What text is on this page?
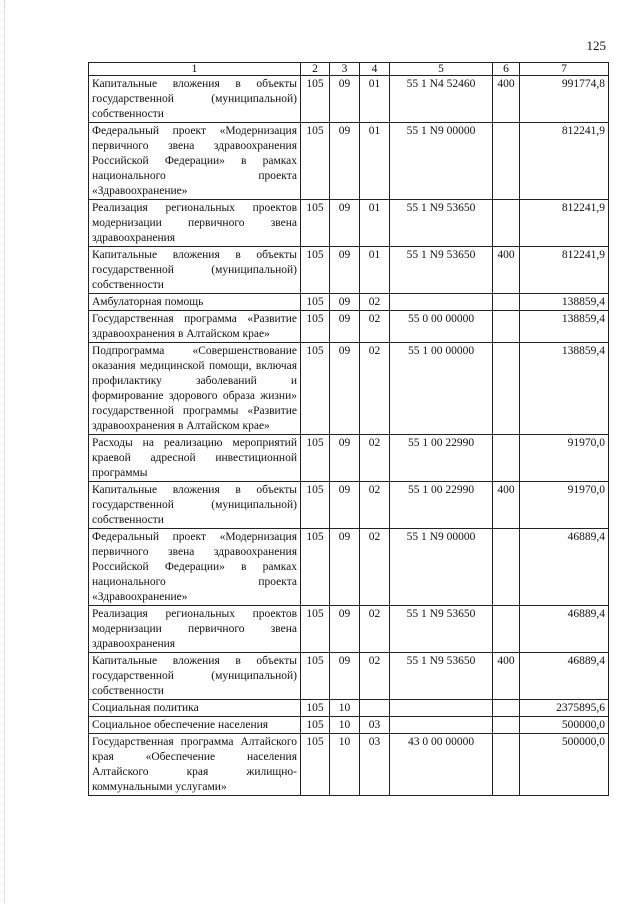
125
1	2	3	4	5	6	7
Капитальные вложения в объекты государственной (муниципальной) собственности	105	09	01	55 1 N4 52460	400	991774,8
Федеральный проект «Модернизация первичного звена здравоохранения Российской Федерации» в рамках национального проекта «Здравоохранение»	105	09	01	55 1 N9 00000		812241,9
Реализация региональных проектов модернизации первичного звена здравоохранения	105	09	01	55 1 N9 53650		812241,9
Капитальные вложения в объекты государственной (муниципальной) собственности	105	09	01	55 1 N9 53650	400	812241,9
Амбулаторная помощь	105	09	02			138859,4
Государственная программа «Развитие здравоохранения в Алтайском крае»	105	09	02	55 0 00 00000		138859,4
Подпрограмма «Совершенствование оказания медицинской помощи, включая профилактику заболеваний и формирование здорового образа жизни» государственной программы «Развитие здравоохранения в Алтайском крае»	105	09	02	55 1 00 00000		138859,4
Расходы на реализацию мероприятий краевой адресной инвестиционной программы	105	09	02	55 1 00 22990		91970,0
Капитальные вложения в объекты государственной (муниципальной) собственности	105	09	02	55 1 00 22990	400	91970,0
Федеральный проект «Модернизация первичного звена здравоохранения Российской Федерации» в рамках национального проекта «Здравоохранение»	105	09	02	55 1 N9 00000		46889,4
Реализация региональных проектов модернизации первичного звена здравоохранения	105	09	02	55 1 N9 53650		46889,4
Капитальные вложения в объекты государственной (муниципальной) собственности	105	09	02	55 1 N9 53650	400	46889,4
Социальная политика	105	10				2375895,6
Социальное обеспечение населения	105	10	03			500000,0
Государственная программа Алтайского края «Обеспечение населения Алтайского края жилищно-коммунальными услугами»	105	10	03	43 0 00 00000		500000,0
